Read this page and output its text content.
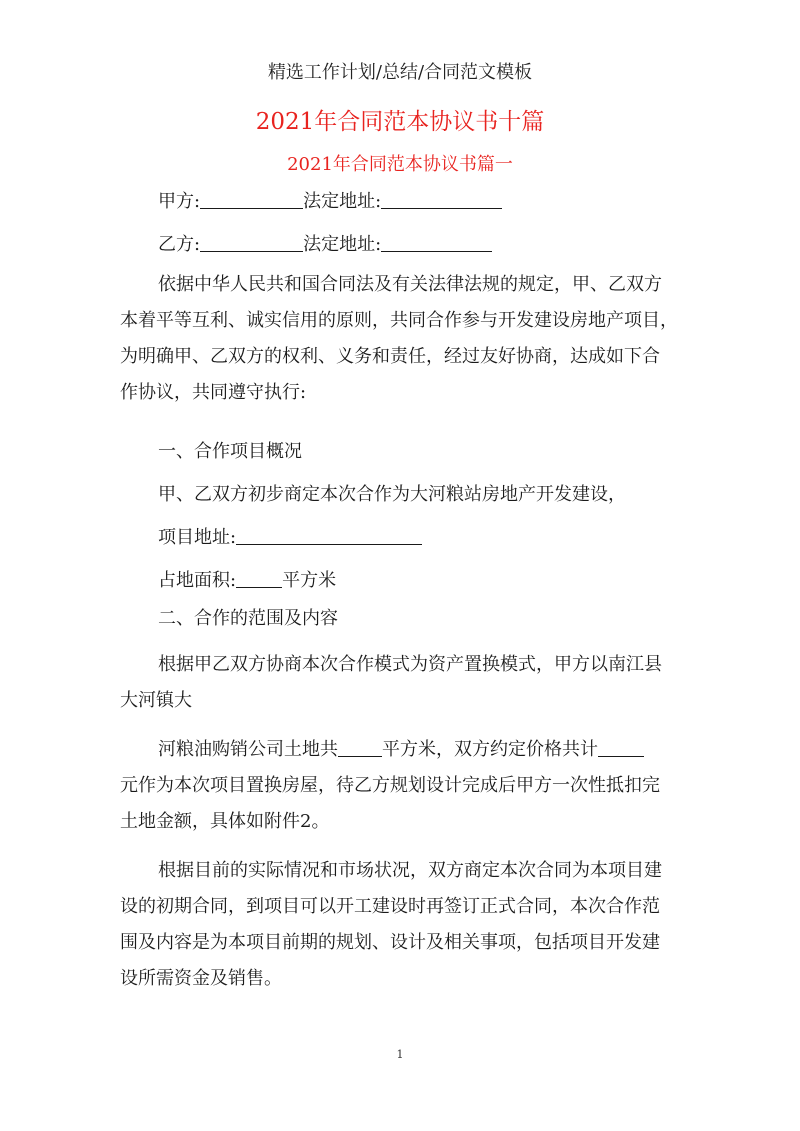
精选工作计划/总结/合同范文模板
2021年合同范本协议书十篇
2021年合同范本协议书篇一
甲方:	法定地址:
乙方:	法定地址:
依据中华人民共和国合同法及有关法律法规的规定，甲、乙双方
本着平等互利、诚实信用的原则，共同合作参与开发建设房地产项目，
为明确甲、乙双方的权利、义务和责任，经过友好协商，达成如下合
作协议，共同遵守执行:
一、合作项目概况
甲、乙双方初步商定本次合作为大河粮站房地产开发建设，
项目地址:
占地面积:	平方米
二、合作的范围及内容
根据甲乙双方协商本次合作模式为资产置换模式，甲方以南江县
大河镇大
河粮油购销公司土地共 平方米，双方约定价格共计
元作为本次项目置换房屋，待乙方规划设计完成后甲方一次性抵扣完
土地金额，具体如附件2。
根据目前的实际情况和市场状况，双方商定本次合同为本项目建
设的初期合同，到项目可以开工建设时再签订正式合同，本次合作范
围及内容是为本项目前期的规划、设计及相关事项，包括项目开发建
设所需资金及销售。
1
